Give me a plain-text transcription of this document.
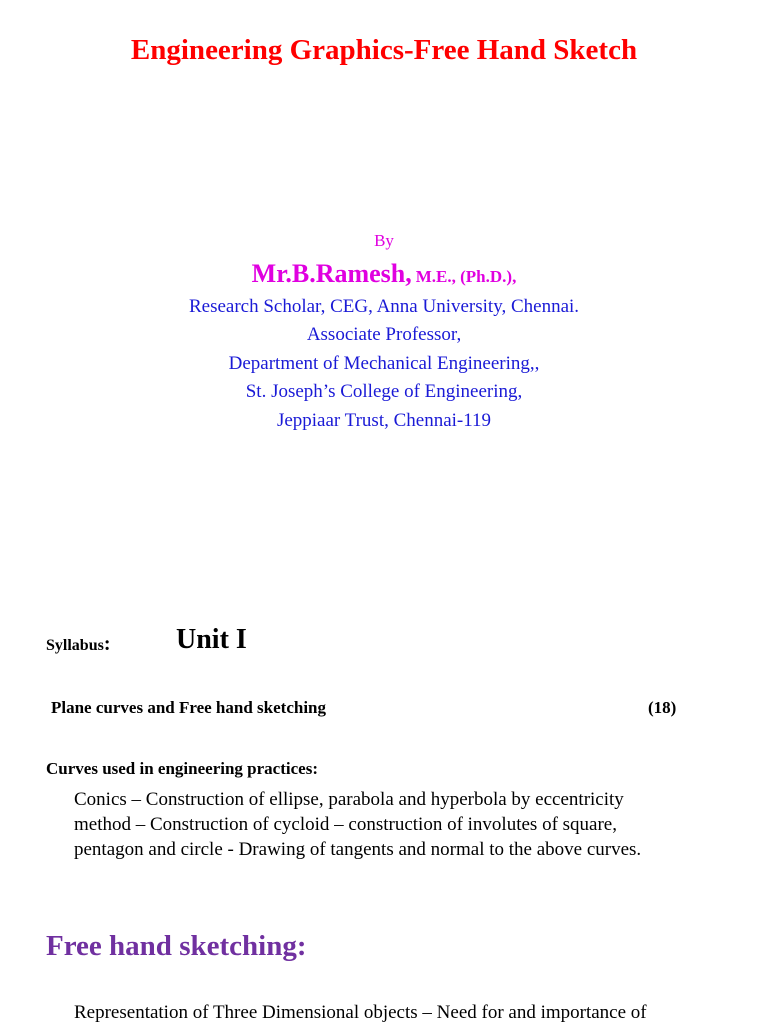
Engineering Graphics-Free Hand Sketch
By
Mr.B.Ramesh, M.E., (Ph.D.),
Research Scholar, CEG, Anna University, Chennai.
Associate Professor,
Department of Mechanical Engineering,,
St. Joseph’s College of Engineering,
Jeppiaar Trust, Chennai-119
Syllabus: Unit I
Plane curves and Free hand sketching	(18)
Curves used in engineering practices:
Conics – Construction of ellipse, parabola and hyperbola by eccentricity
method – Construction of cycloid – construction of involutes of square,
pentagon and circle - Drawing of tangents and normal to the above curves.
Free hand sketching:
Representation of Three Dimensional objects – Need for and importance of
